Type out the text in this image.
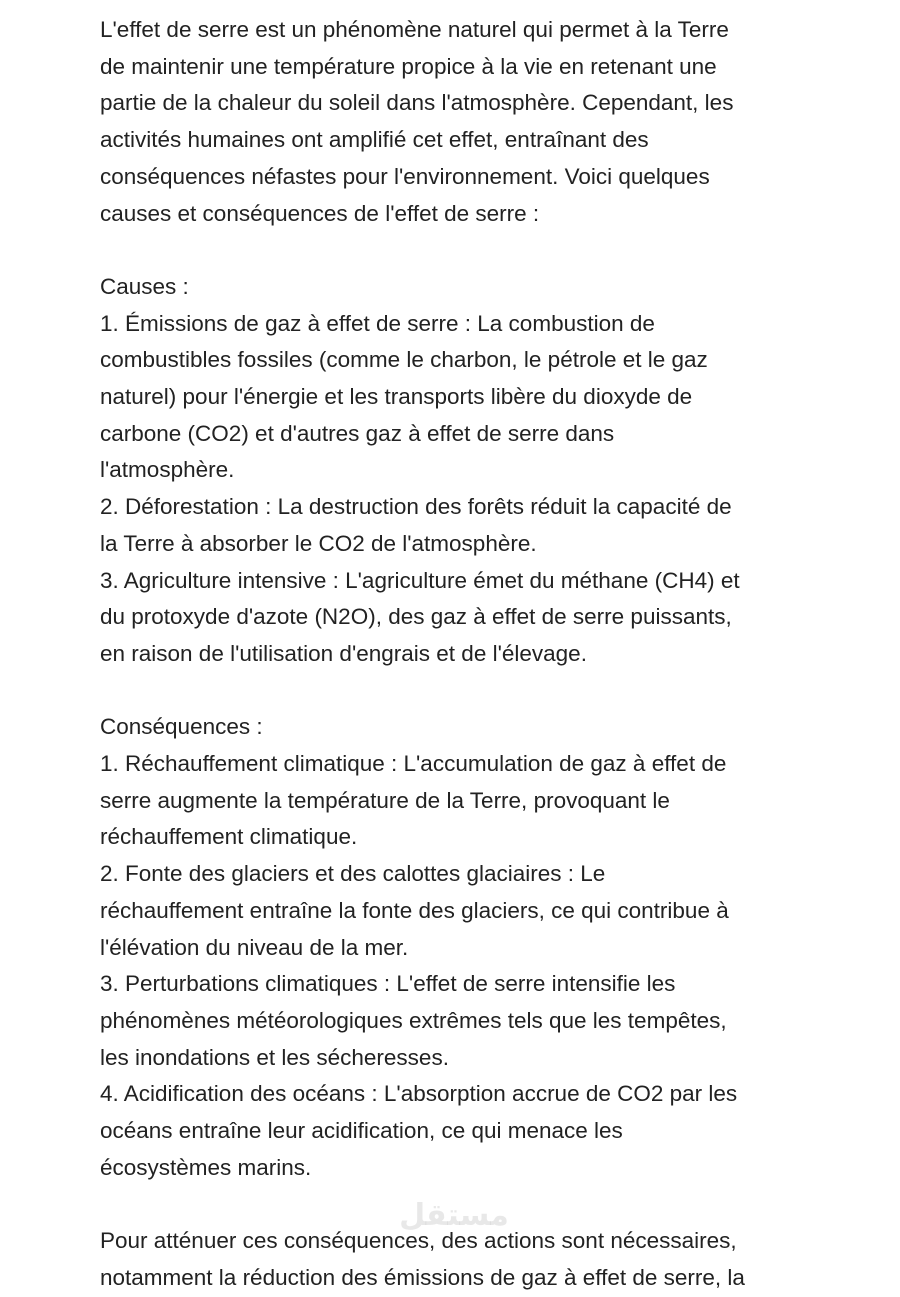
L'effet de serre est un phénomène naturel qui permet à la Terre
de maintenir une température propice à la vie en retenant une
partie de la chaleur du soleil dans l'atmosphère. Cependant, les
activités humaines ont amplifié cet effet, entraînant des
conséquences néfastes pour l'environnement. Voici quelques
causes et conséquences de l'effet de serre :
Causes :
1. Émissions de gaz à effet de serre : La combustion de
combustibles fossiles (comme le charbon, le pétrole et le gaz
naturel) pour l'énergie et les transports libère du dioxyde de
carbone (CO2) et d'autres gaz à effet de serre dans
l'atmosphère.
2. Déforestation : La destruction des forêts réduit la capacité de
la Terre à absorber le CO2 de l'atmosphère.
3. Agriculture intensive : L'agriculture émet du méthane (CH4) et
du protoxyde d'azote (N2O), des gaz à effet de serre puissants,
en raison de l'utilisation d'engrais et de l'élevage.
Conséquences :
1. Réchauffement climatique : L'accumulation de gaz à effet de
serre augmente la température de la Terre, provoquant le
réchauffement climatique.
2. Fonte des glaciers et des calottes glaciaires : Le
réchauffement entraîne la fonte des glaciers, ce qui contribue à
l'élévation du niveau de la mer.
3. Perturbations climatiques : L'effet de serre intensifie les
phénomènes météorologiques extrêmes tels que les tempêtes,
les inondations et les sécheresses.
4. Acidification des océans : L'absorption accrue de CO2 par les
océans entraîne leur acidification, ce qui menace les
écosystèmes marins.
Pour atténuer ces conséquences, des actions sont nécessaires,
notamment la réduction des émissions de gaz à effet de serre, la
مستقل
